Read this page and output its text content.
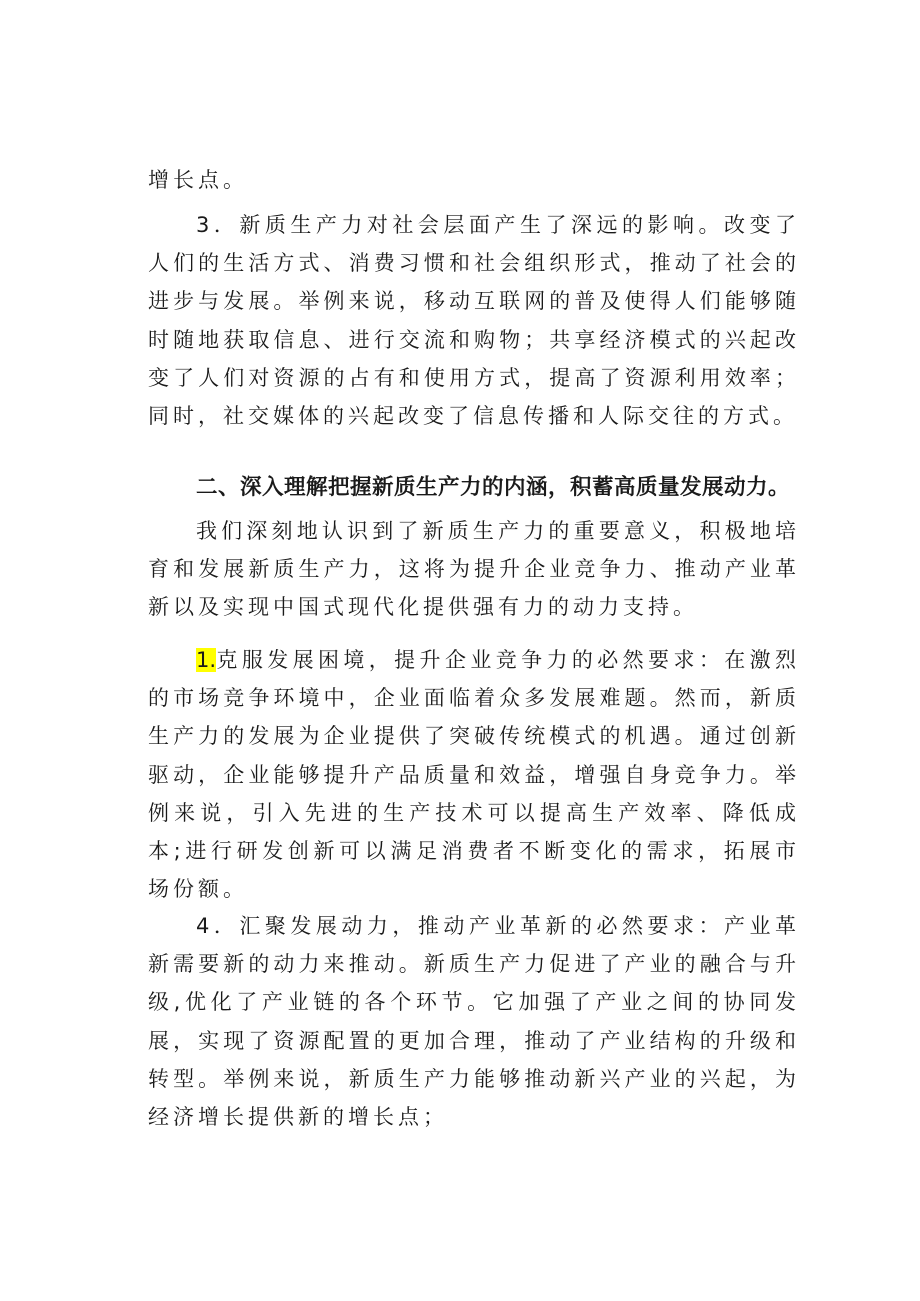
增长点。

3．新质生产力对社会层面产生了深远的影响。改变了人们的生活方式、消费习惯和社会组织形式，推动了社会的进步与发展。举例来说，移动互联网的普及使得人们能够随时随地获取信息、进行交流和购物；共享经济模式的兴起改变了人们对资源的占有和使用方式，提高了资源利用效率；同时，社交媒体的兴起改变了信息传播和人际交往的方式。

二、深入理解把握新质生产力的内涵，积蓄高质量发展动力。

我们深刻地认识到了新质生产力的重要意义，积极地培育和发展新质生产力，这将为提升企业竞争力、推动产业革新以及实现中国式现代化提供强有力的动力支持。

1.克服发展困境，提升企业竞争力的必然要求：在激烈的市场竞争环境中，企业面临着众多发展难题。然而，新质生产力的发展为企业提供了突破传统模式的机遇。通过创新驱动，企业能够提升产品质量和效益，增强自身竞争力。举例来说，引入先进的生产技术可以提高生产效率、降低成本;进行研发创新可以满足消费者不断变化的需求，拓展市场份额。

4．汇聚发展动力，推动产业革新的必然要求：产业革新需要新的动力来推动。新质生产力促进了产业的融合与升级,优化了产业链的各个环节。它加强了产业之间的协同发展，实现了资源配置的更加合理，推动了产业结构的升级和转型。举例来说，新质生产力能够推动新兴产业的兴起，为经济增长提供新的增长点；
